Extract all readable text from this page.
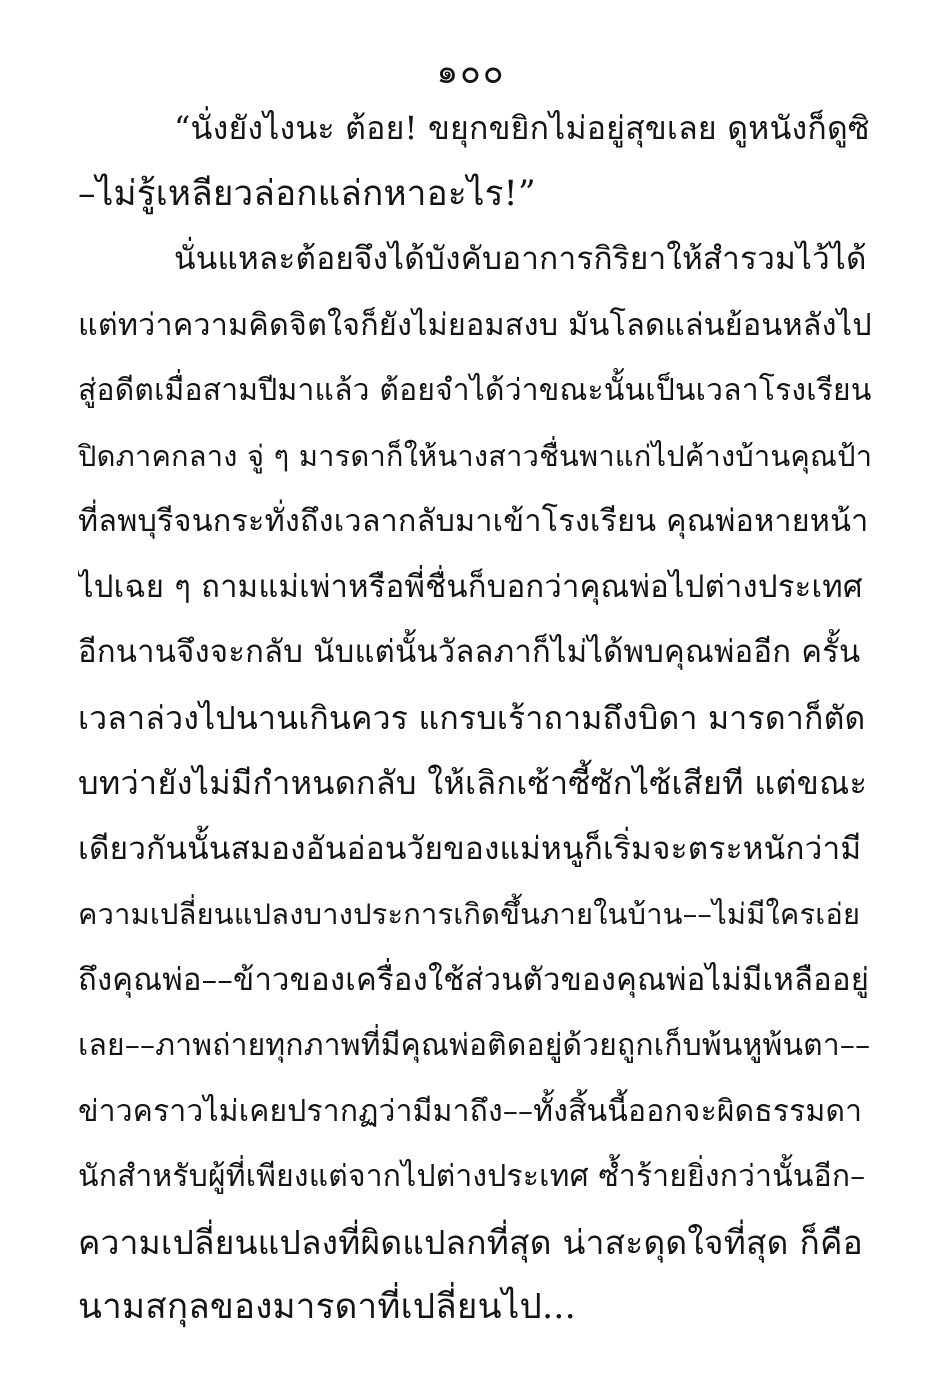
๑๐๐
“นั่งยังไงนะ ต้อย! ขยุกขยิกไม่อยู่สุขเลย ดูหนังก็ดูซิ
–ไม่รู้เหลียวล่อกแล่กหาอะไร!”
นั่นแหละต้อยจึงได้บังคับอาการกิริยาให้สำรวมไว้ได้
แต่ทว่าความคิดจิตใจก็ยังไม่ยอมสงบ มันโลดแล่นย้อนหลังไป
สู่อดีตเมื่อสามปีมาแล้ว ต้อยจำได้ว่าขณะนั้นเป็นเวลาโรงเรียน
ปิดภาคกลาง จู่ ๆ มารดาก็ให้นางสาวชื่นพาแก่ไปค้างบ้านคุณป้า
ที่ลพบุรีจนกระทั่งถึงเวลากลับมาเข้าโรงเรียน คุณพ่อหายหน้า
ไปเฉย ๆ ถามแม่เพ่าหรือพี่ชื่นก็บอกว่าคุณพ่อไปต่างประเทศ
อีกนานจึงจะกลับ นับแต่นั้นวัลลภาก็ไม่ได้พบคุณพ่ออีก ครั้น
เวลาล่วงไปนานเกินควร แกรบเร้าถามถึงบิดา มารดาก็ตัด
บทว่ายังไม่มีกำหนดกลับ ให้เลิกเซ้าซี้ซักไซ้เสียที แต่ขณะ
เดียวกันนั้นสมองอันอ่อนวัยของแม่หนูก็เริ่มจะตระหนักว่ามี
ความเปลี่ยนแปลงบางประการเกิดขึ้นภายในบ้าน––ไม่มีใครเอ่ย
ถึงคุณพ่อ––ข้าวของเครื่องใช้ส่วนตัวของคุณพ่อไม่มีเหลืออยู่
เลย––ภาพถ่ายทุกภาพที่มีคุณพ่อติดอยู่ด้วยถูกเก็บพ้นหูพ้นตา––
ข่าวคราวไม่เคยปรากฏว่ามีมาถึง––ทั้งสิ้นนี้ออกจะผิดธรรมดา
นักสำหรับผู้ที่เพียงแต่จากไปต่างประเทศ ซ้ำร้ายยิ่งกว่านั้นอีก–
ความเปลี่ยนแปลงที่ผิดแปลกที่สุด น่าสะดุดใจที่สุด ก็คือ
นามสกุลของมารดาที่เปลี่ยนไป...
